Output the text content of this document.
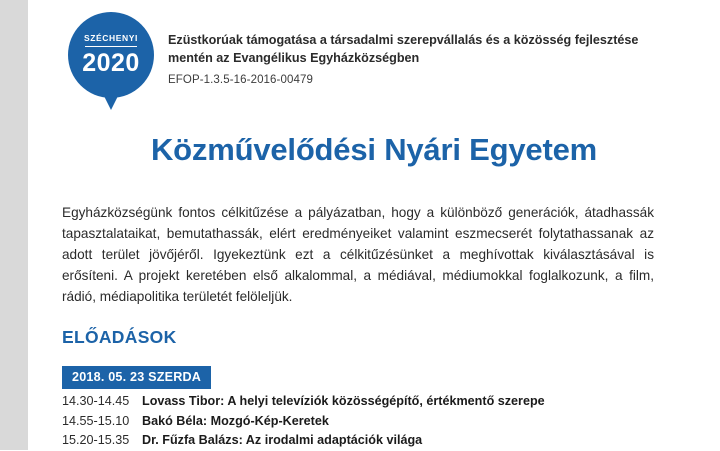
SZÉCHENYI
2020
Ezüstkorúak támogatása a társadalmi szerepvállalás és a közösség fejlesztése
mentén az Evangélikus Egyházközségben
EFOP-1.3.5-16-2016-00479
Közművelődési Nyári Egyetem
Egyházközségünk fontos célkitűzése a pályázatban, hogy a különböző generációk, átadhassák tapasztalataikat, bemutathassák, elért eredményeiket valamint eszmecserét folytathassanak az adott terület jövőjéről. Igyekeztünk ezt a célkitűzésünket a meghívottak kiválasztásával is erősíteni. A projekt keretében első alkalommal, a médiával, médiumokkal foglalkozunk, a film, rádió, médiapolitika területét felöleljük.
ELŐADÁSOK
2018. 05. 23 SZERDA
14.30-14.45	Lovass Tibor: A helyi televíziók közösségépítő, értékmentő szerepe
14.55-15.10	Bakó Béla: Mozgó-Kép-Keretek
15.20-15.35	Dr. Fűzfa Balázs: Az irodalmi adaptációk világa
